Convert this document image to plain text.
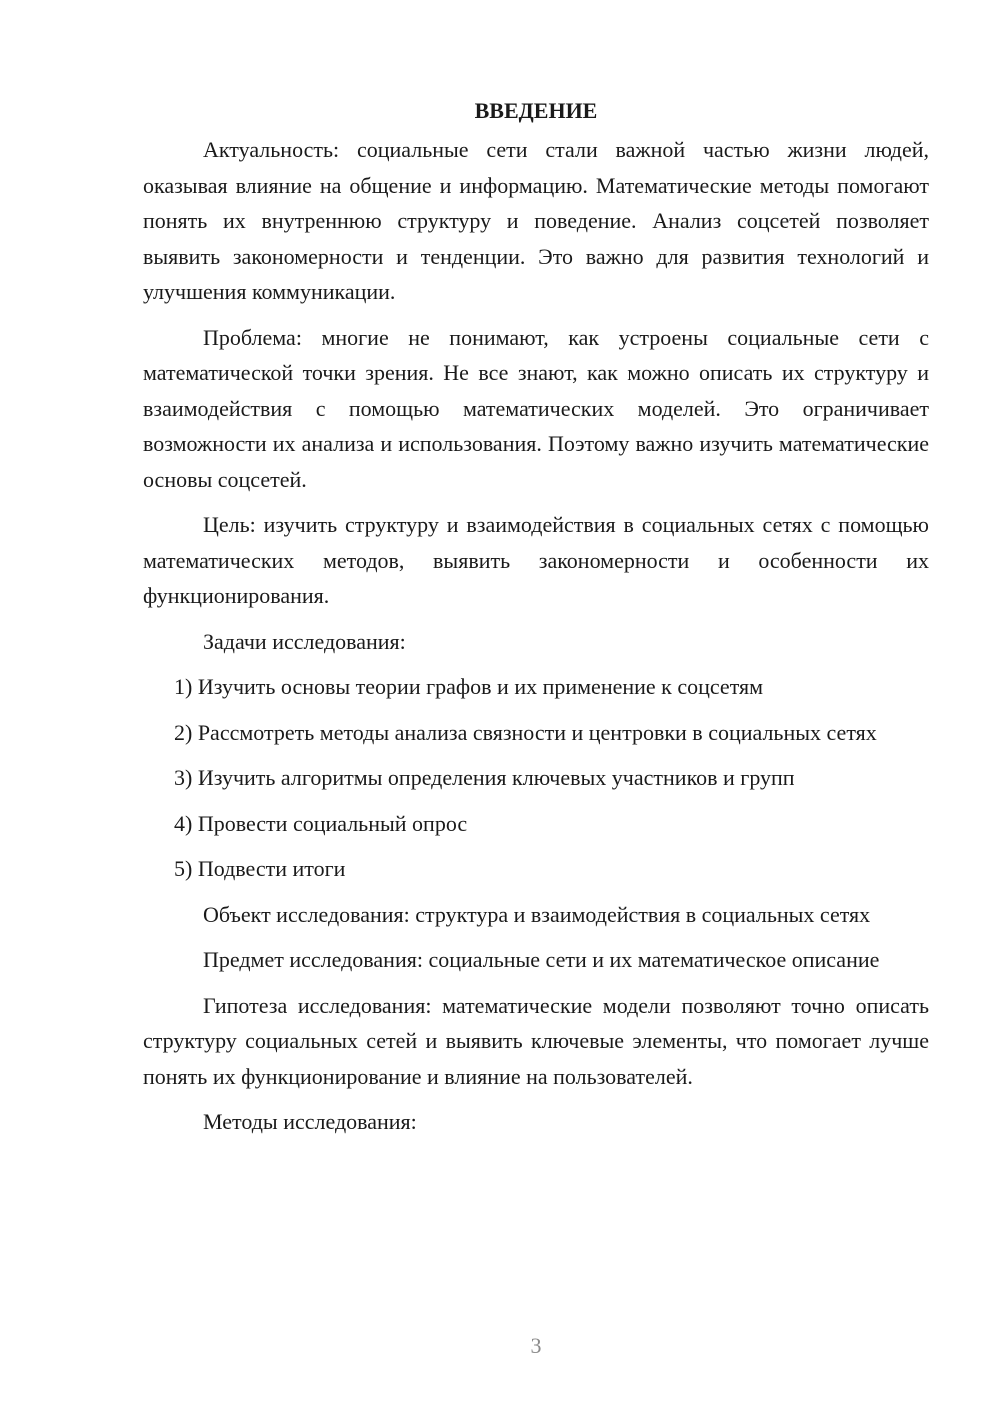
ВВЕДЕНИЕ

Актуальность: социальные сети стали важной частью жизни людей, оказывая влияние на общение и информацию. Математические методы помогают понять их внутреннюю структуру и поведение. Анализ соцсетей позволяет выявить закономерности и тенденции. Это важно для развития технологий и улучшения коммуникации.

Проблема: многие не понимают, как устроены социальные сети с математической точки зрения. Не все знают, как можно описать их структуру и взаимодействия с помощью математических моделей. Это ограничивает возможности их анализа и использования. Поэтому важно изучить математические основы соцсетей.

Цель: изучить структуру и взаимодействия в социальных сетях с помощью математических методов, выявить закономерности и особенности их функционирования.

Задачи исследования:

1) Изучить основы теории графов и их применение к соцсетям

2) Рассмотреть методы анализа связности и центровки в социальных сетях

3) Изучить алгоритмы определения ключевых участников и групп

4) Провести социальный опрос

5) Подвести итоги

Объект исследования: структура и взаимодействия в социальных сетях

Предмет исследования: социальные сети и их математическое описание

Гипотеза исследования: математические модели позволяют точно описать структуру социальных сетей и выявить ключевые элементы, что помогает лучше понять их функционирование и влияние на пользователей.

Методы исследования:

3
